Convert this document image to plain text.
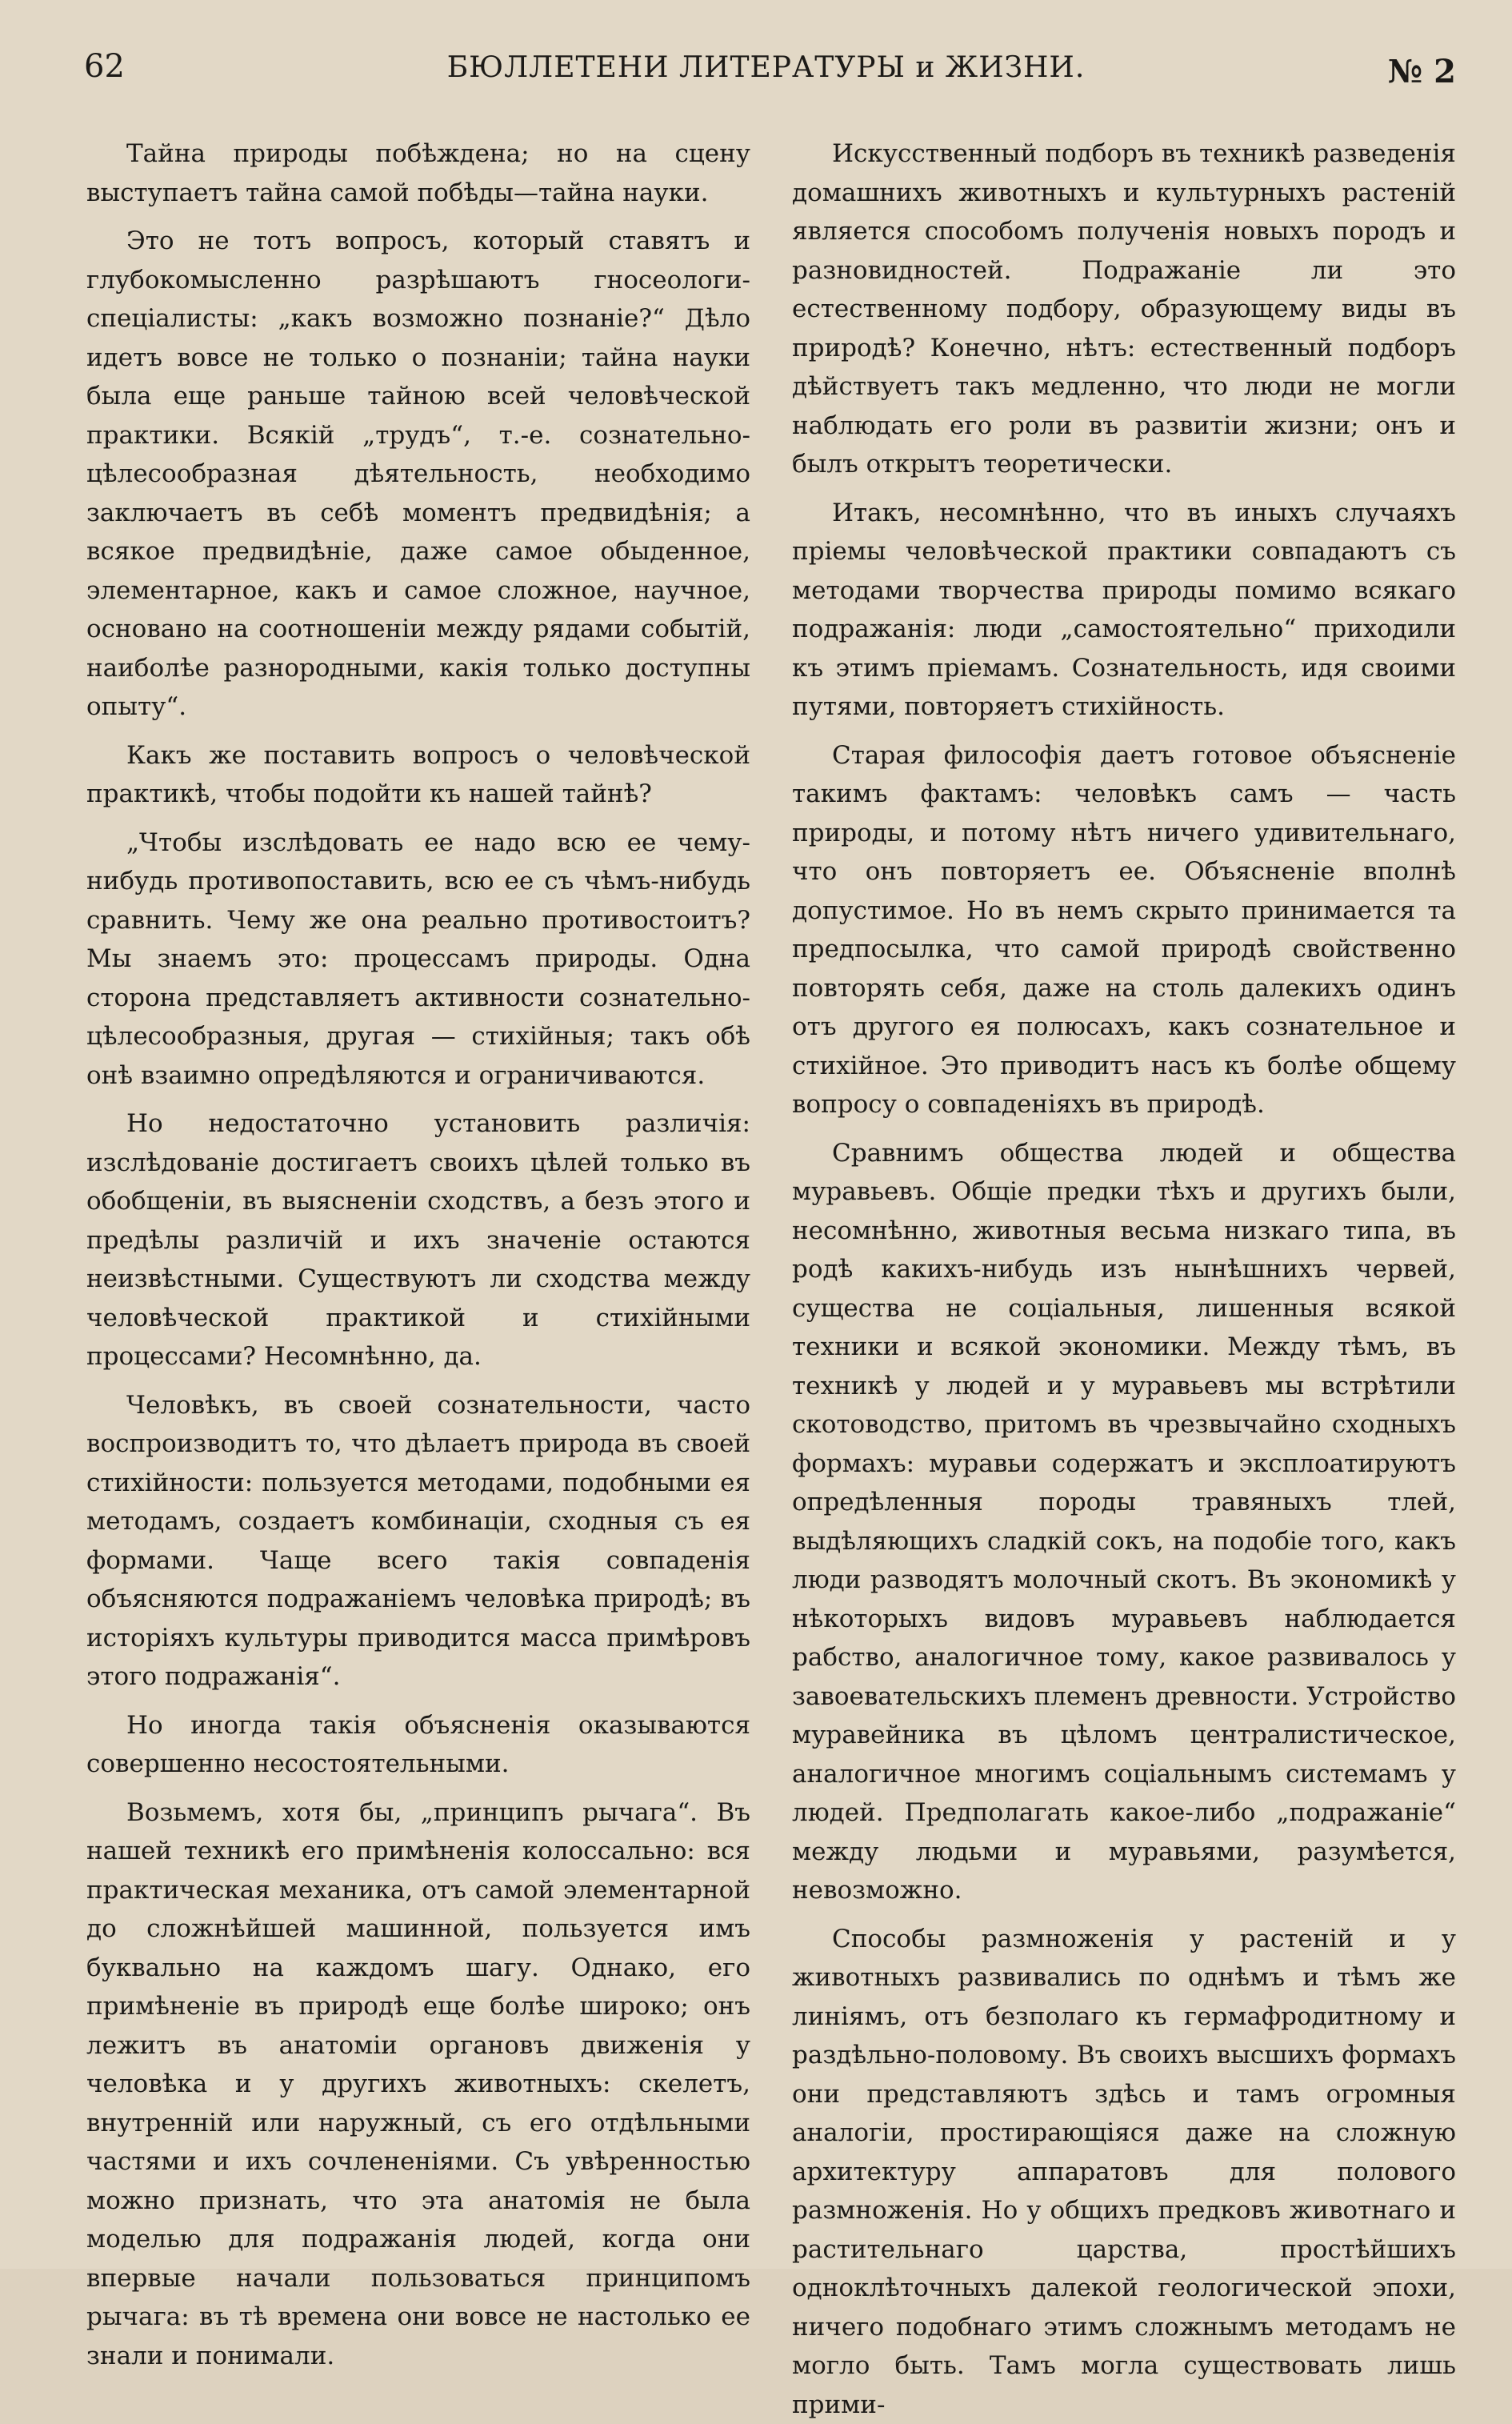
62	БЮЛЛЕТЕНИ ЛИТЕРАТУРЫ и ЖИЗНИ.	№ 2

Тайна природы побѣждена; но на сцену выступаетъ тайна самой побѣды—тайна науки.

Это не тотъ вопросъ, который ставятъ и глубокомысленно разрѣшаютъ гносеологи-спеціалисты: „какъ возможно познаніе?“ Дѣло идетъ вовсе не только о познаніи; тайна науки была еще раньше тайною всей человѣческой практики. Всякій „трудъ“, т.-е. сознательно-цѣлесообразная дѣятельность, необходимо заключаетъ въ себѣ моментъ предвидѣнія; а всякое предвидѣніе, даже самое обыденное, элементарное, какъ и самое сложное, научное, основано на соотношеніи между рядами событій, наиболѣе разнородными, какія только доступны опыту“.

Какъ же поставить вопросъ о человѣческой практикѣ, чтобы подойти къ нашей тайнѣ?

„Чтобы изслѣдовать ее надо всю ее чему-нибудь противопоставить, всю ее съ чѣмъ-нибудь сравнить. Чему же она реально противостоитъ? Мы знаемъ это: процессамъ природы. Одна сторона представляетъ активности сознательно-цѣлесообразныя, другая — стихійныя; такъ обѣ онѣ взаимно опредѣляются и ограничиваются.

Но недостаточно установить различія: изслѣдованіе достигаетъ своихъ цѣлей только въ обобщеніи, въ выясненіи сходствъ, а безъ этого и предѣлы различій и ихъ значеніе остаются неизвѣстными. Существуютъ ли сходства между человѣческой практикой и стихійными процессами? Несомнѣнно, да.

Человѣкъ, въ своей сознательности, часто воспроизводитъ то, что дѣлаетъ природа въ своей стихійности: пользуется методами, подобными ея методамъ, создаетъ комбинаціи, сходныя съ ея формами. Чаще всего такія совпаденія объясняются подражаніемъ человѣка природѣ; въ исторіяхъ культуры приводится масса примѣровъ этого подражанія“.

Но иногда такія объясненія оказываются совершенно несостоятельными.

Возьмемъ, хотя бы, „принципъ рычага“. Въ нашей техникѣ его примѣненія колоссально: вся практическая механика, отъ самой элементарной до сложнѣйшей машинной, пользуется имъ буквально на каждомъ шагу. Однако, его примѣненіе въ природѣ еще болѣе широко; онъ лежитъ въ анатоміи органовъ движенія у человѣка и у другихъ животныхъ: скелетъ, внутренній или наружный, съ его отдѣльными частями и ихъ сочлененіями. Съ увѣренностью можно признать, что эта анатомія не была моделью для подражанія людей, когда они впервые начали пользоваться принципомъ рычага: въ тѣ времена они вовсе не настолько ее знали и понимали.

Искусственный подборъ въ техникѣ разведенія домашнихъ животныхъ и культурныхъ растеній является способомъ полученія новыхъ породъ и разновидностей. Подражаніе ли это естественному подбору, образующему виды въ природѣ? Конечно, нѣтъ: естественный подборъ дѣйствуетъ такъ медленно, что люди не могли наблюдать его роли въ развитіи жизни; онъ и былъ открытъ теоретически.

Итакъ, несомнѣнно, что въ иныхъ случаяхъ пріемы человѣческой практики совпадаютъ съ методами творчества природы помимо всякаго подражанія: люди „самостоятельно“ приходили къ этимъ пріемамъ. Сознательность, идя своими путями, повторяетъ стихійность.

Старая философія даетъ готовое объясненіе такимъ фактамъ: человѣкъ самъ — часть природы, и потому нѣтъ ничего удивительнаго, что онъ повторяетъ ее. Объясненіе вполнѣ допустимое. Но въ немъ скрыто принимается та предпосылка, что самой природѣ свойственно повторять себя, даже на столь далекихъ одинъ отъ другого ея полюсахъ, какъ сознательное и стихійное. Это приводитъ насъ къ болѣе общему вопросу о совпаденіяхъ въ природѣ.

Сравнимъ общества людей и общества муравьевъ. Общіе предки тѣхъ и другихъ были, несомнѣнно, животныя весьма низкаго типа, въ родѣ какихъ-нибудь изъ нынѣшнихъ червей, существа не соціальныя, лишенныя всякой техники и всякой экономики. Между тѣмъ, въ техникѣ у людей и у муравьевъ мы встрѣтили скотоводство, притомъ въ чрезвычайно сходныхъ формахъ: муравьи содержатъ и эксплоатируютъ опредѣленныя породы травяныхъ тлей, выдѣляющихъ сладкій сокъ, на подобіе того, какъ люди разводятъ молочный скотъ. Въ экономикѣ у нѣкоторыхъ видовъ муравьевъ наблюдается рабство, аналогичное тому, какое развивалось у завоевательскихъ племенъ древности. Устройство муравейника въ цѣломъ централистическое, аналогичное многимъ соціальнымъ системамъ у людей. Предполагать какое-либо „подражаніе“ между людьми и муравьями, разумѣется, невозможно.

Способы размноженія у растеній и у животныхъ развивались по однѣмъ и тѣмъ же линіямъ, отъ безполаго къ гермафродитному и раздѣльно-половому. Въ своихъ высшихъ формахъ они представляютъ здѣсь и тамъ огромныя аналогіи, простирающіяся даже на сложную архитектуру аппаратовъ для полового размноженія. Но у общихъ предковъ животнаго и растительнаго царства, простѣйшихъ одноклѣточныхъ далекой геологической эпохи, ничего подобнаго этимъ сложнымъ методамъ не могло быть. Тамъ могла существовать лишь прими-
